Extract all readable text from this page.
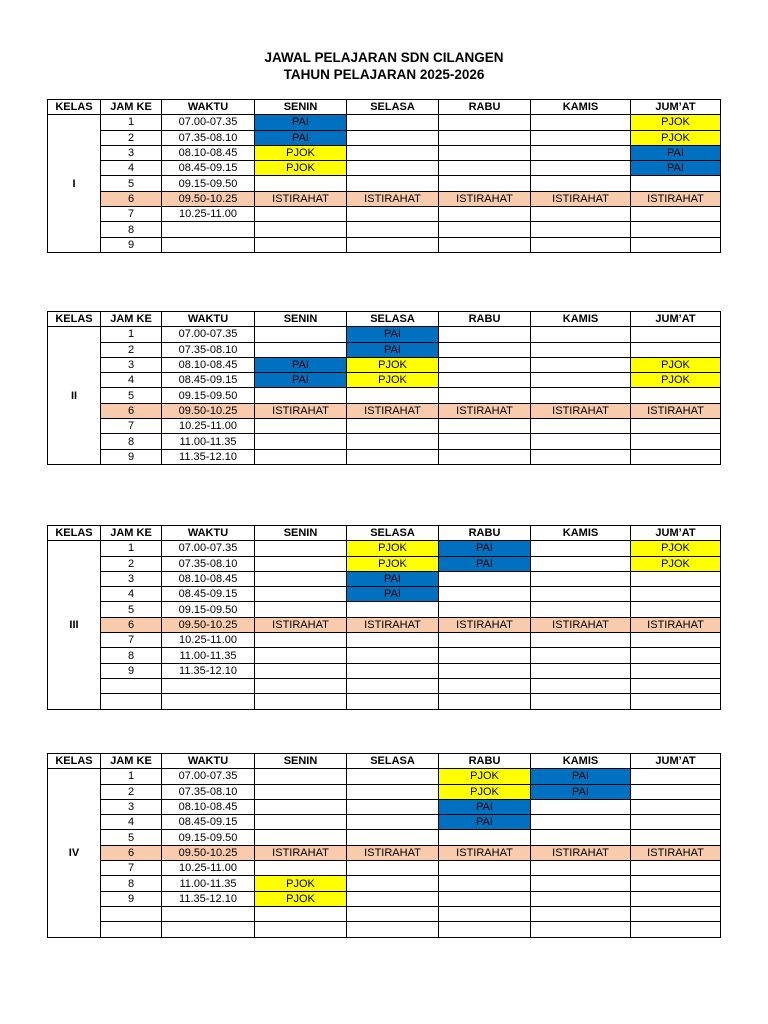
JAWAL PELAJARAN SDN CILANGEN
TAHUN PELAJARAN 2025-2026
KELAS	JAM KE	WAKTU	SENIN	SELASA	RABU	KAMIS	JUM’AT
I	1	07.00-07.35	PAI				PJOK
	2	07.35-08.10	PAI				PJOK
	3	08.10-08.45	PJOK				PAI
	4	08.45-09.15	PJOK				PAI
	5	09.15-09.50					
	6	09.50-10.25	ISTIRAHAT	ISTIRAHAT	ISTIRAHAT	ISTIRAHAT	ISTIRAHAT
	7	10.25-11.00					
	8						
	9						
KELAS	JAM KE	WAKTU	SENIN	SELASA	RABU	KAMIS	JUM’AT
II	1	07.00-07.35		PAI			
	2	07.35-08.10		PAI			
	3	08.10-08.45	PAI	PJOK			PJOK
	4	08.45-09.15	PAI	PJOK			PJOK
	5	09.15-09.50					
	6	09.50-10.25	ISTIRAHAT	ISTIRAHAT	ISTIRAHAT	ISTIRAHAT	ISTIRAHAT
	7	10.25-11.00					
	8	11.00-11.35					
	9	11.35-12.10					
KELAS	JAM KE	WAKTU	SENIN	SELASA	RABU	KAMIS	JUM’AT
III	1	07.00-07.35		PJOK	PAI		PJOK
	2	07.35-08.10		PJOK	PAI		PJOK
	3	08.10-08.45		PAI			
	4	08.45-09.15		PAI			
	5	09.15-09.50					
	6	09.50-10.25	ISTIRAHAT	ISTIRAHAT	ISTIRAHAT	ISTIRAHAT	ISTIRAHAT
	7	10.25-11.00					
	8	11.00-11.35					
	9	11.35-12.10					

KELAS	JAM KE	WAKTU	SENIN	SELASA	RABU	KAMIS	JUM’AT
IV	1	07.00-07.35			PJOK	PAI	
	2	07.35-08.10			PJOK	PAI	
	3	08.10-08.45			PAI		
	4	08.45-09.15			PAI		
	5	09.15-09.50					
	6	09.50-10.25	ISTIRAHAT	ISTIRAHAT	ISTIRAHAT	ISTIRAHAT	ISTIRAHAT
	7	10.25-11.00					
	8	11.00-11.35	PJOK				
	9	11.35-12.10	PJOK				
